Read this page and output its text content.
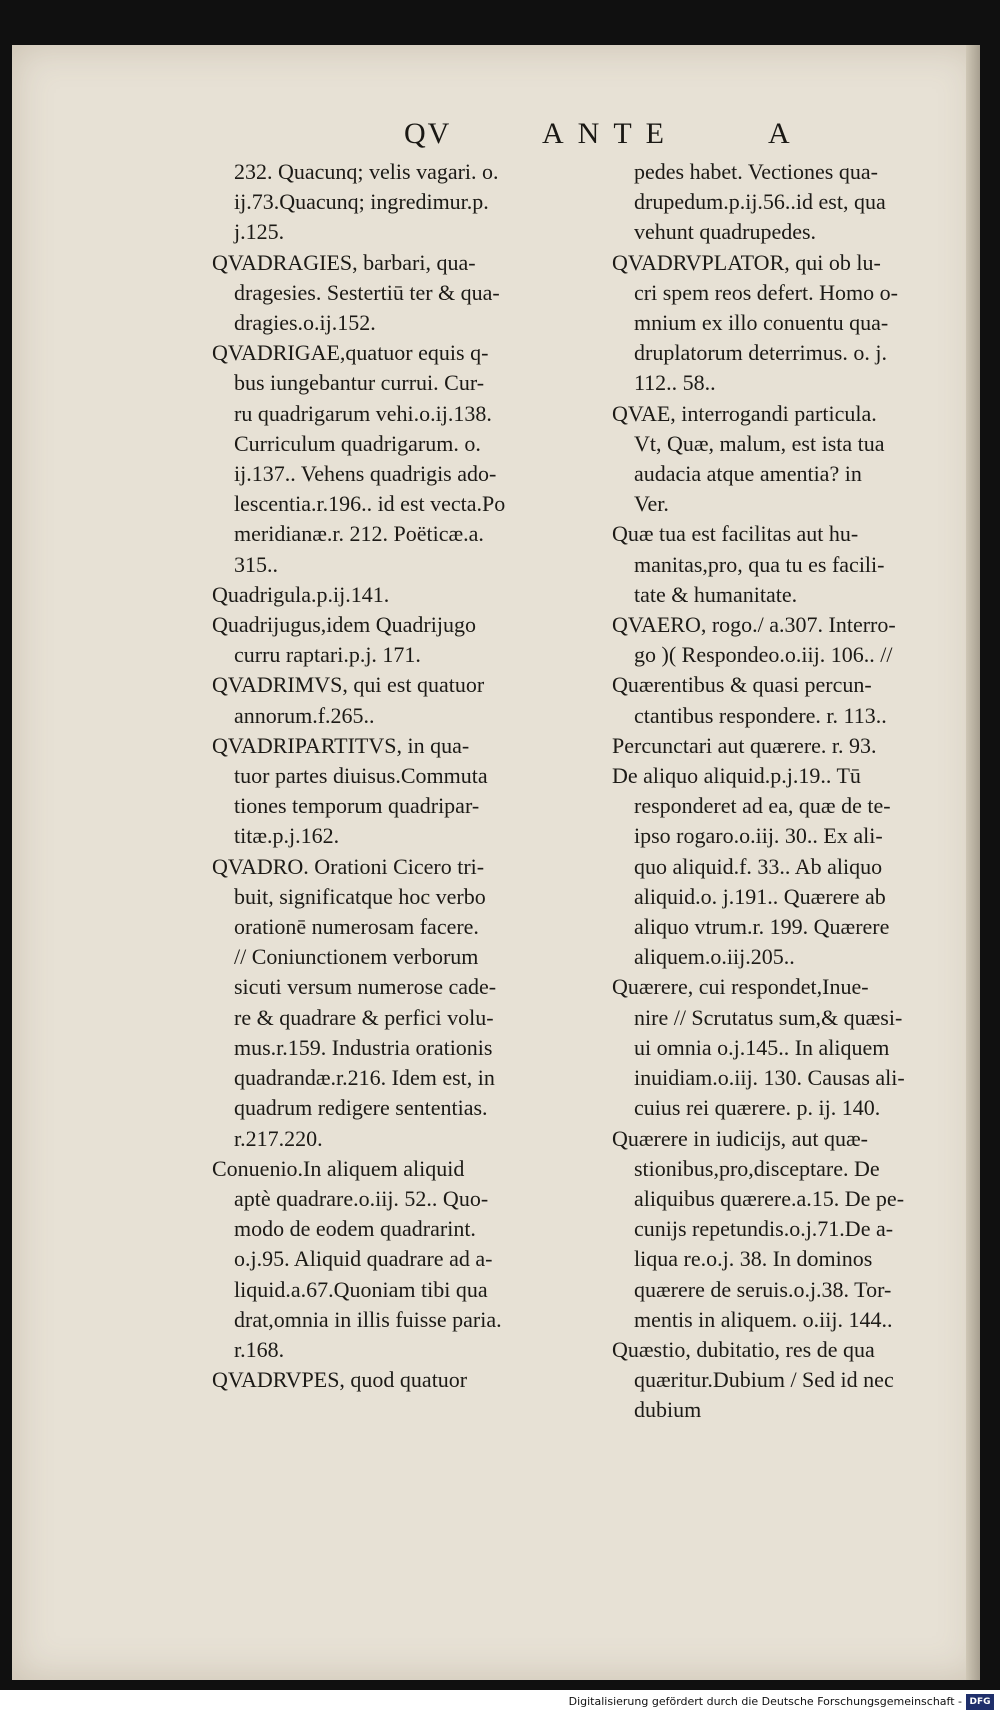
QV	ANTE	A
232. Quacunq; velis vagari. o.
ij.73.Quacunq; ingredimur.p.
j.125.
QVADRAGIES, barbari, qua-
dragesies. Sestertiū ter & qua-
dragies.o.ij.152.
QVADRIGAE,quatuor equis q-
bus iungebantur currui. Cur-
ru quadrigarum vehi.o.ij.138.
Curriculum quadrigarum. o.
ij.137.. Vehens quadrigis ado-
lescentia.r.196.. id est vecta.Po
meridianæ.r. 212. Poëticæ.a.
315..
Quadrigula.p.ij.141.
Quadrijugus,idem Quadrijugo
curru raptari.p.j. 171.
QVADRIMVS, qui est quatuor
annorum.f.265..
QVADRIPARTITVS, in qua-
tuor partes diuisus.Commuta
tiones temporum quadripar-
titæ.p.j.162.
QVADRO. Orationi Cicero tri-
buit, significatque hoc verbo
orationē numerosam facere.
// Coniunctionem verborum
sicuti versum numerose cade-
re & quadrare & perfici volu-
mus.r.159. Industria orationis
quadrandæ.r.216. Idem est, in
quadrum redigere sententias.
r.217.220.
Conuenio.In aliquem aliquid
aptè quadrare.o.iij. 52.. Quo-
modo de eodem quadrarint.
o.j.95. Aliquid quadrare ad a-
liquid.a.67.Quoniam tibi qua
drat,omnia in illis fuisse paria.
r.168.
QVADRVPES, quod quatuor
pedes habet. Vectiones qua-
drupedum.p.ij.56..id est, qua
vehunt quadrupedes.
QVADRVPLATOR, qui ob lu-
cri spem reos defert. Homo o-
mnium ex illo conuentu qua-
druplatorum deterrimus. o. j.
112.. 58..
QVAE, interrogandi particula.
Vt, Quæ, malum, est ista tua
audacia atque amentia? in
Ver.
Quæ tua est facilitas aut hu-
manitas,pro, qua tu es facili-
tate & humanitate.
QVAERO, rogo./ a.307. Interro-
go )( Respondeo.o.iij. 106.. //
Quærentibus & quasi percun-
ctantibus respondere. r. 113..
Percunctari aut quærere. r. 93.
De aliquo aliquid.p.j.19.. Tū
responderet ad ea, quæ de te-
ipso rogaro.o.iij. 30.. Ex ali-
quo aliquid.f. 33.. Ab aliquo
aliquid.o. j.191.. Quærere ab
aliquo vtrum.r. 199. Quærere
aliquem.o.iij.205..
Quærere, cui respondet,Inue-
nire // Scrutatus sum,& quæsi-
ui omnia o.j.145.. In aliquem
inuidiam.o.iij. 130. Causas ali-
cuius rei quærere. p. ij. 140.
Quærere in iudicijs, aut quæ-
stionibus,pro,disceptare. De
aliquibus quærere.a.15. De pe-
cunijs repetundis.o.j.71.De a-
liqua re.o.j. 38. In dominos
quærere de seruis.o.j.38. Tor-
mentis in aliquem. o.iij. 144..
Quæstio, dubitatio, res de qua
quæritur.Dubium / Sed id nec
dubium
Digitalisierung gefördert durch die Deutsche Forschungsgemeinschaft - DFG
